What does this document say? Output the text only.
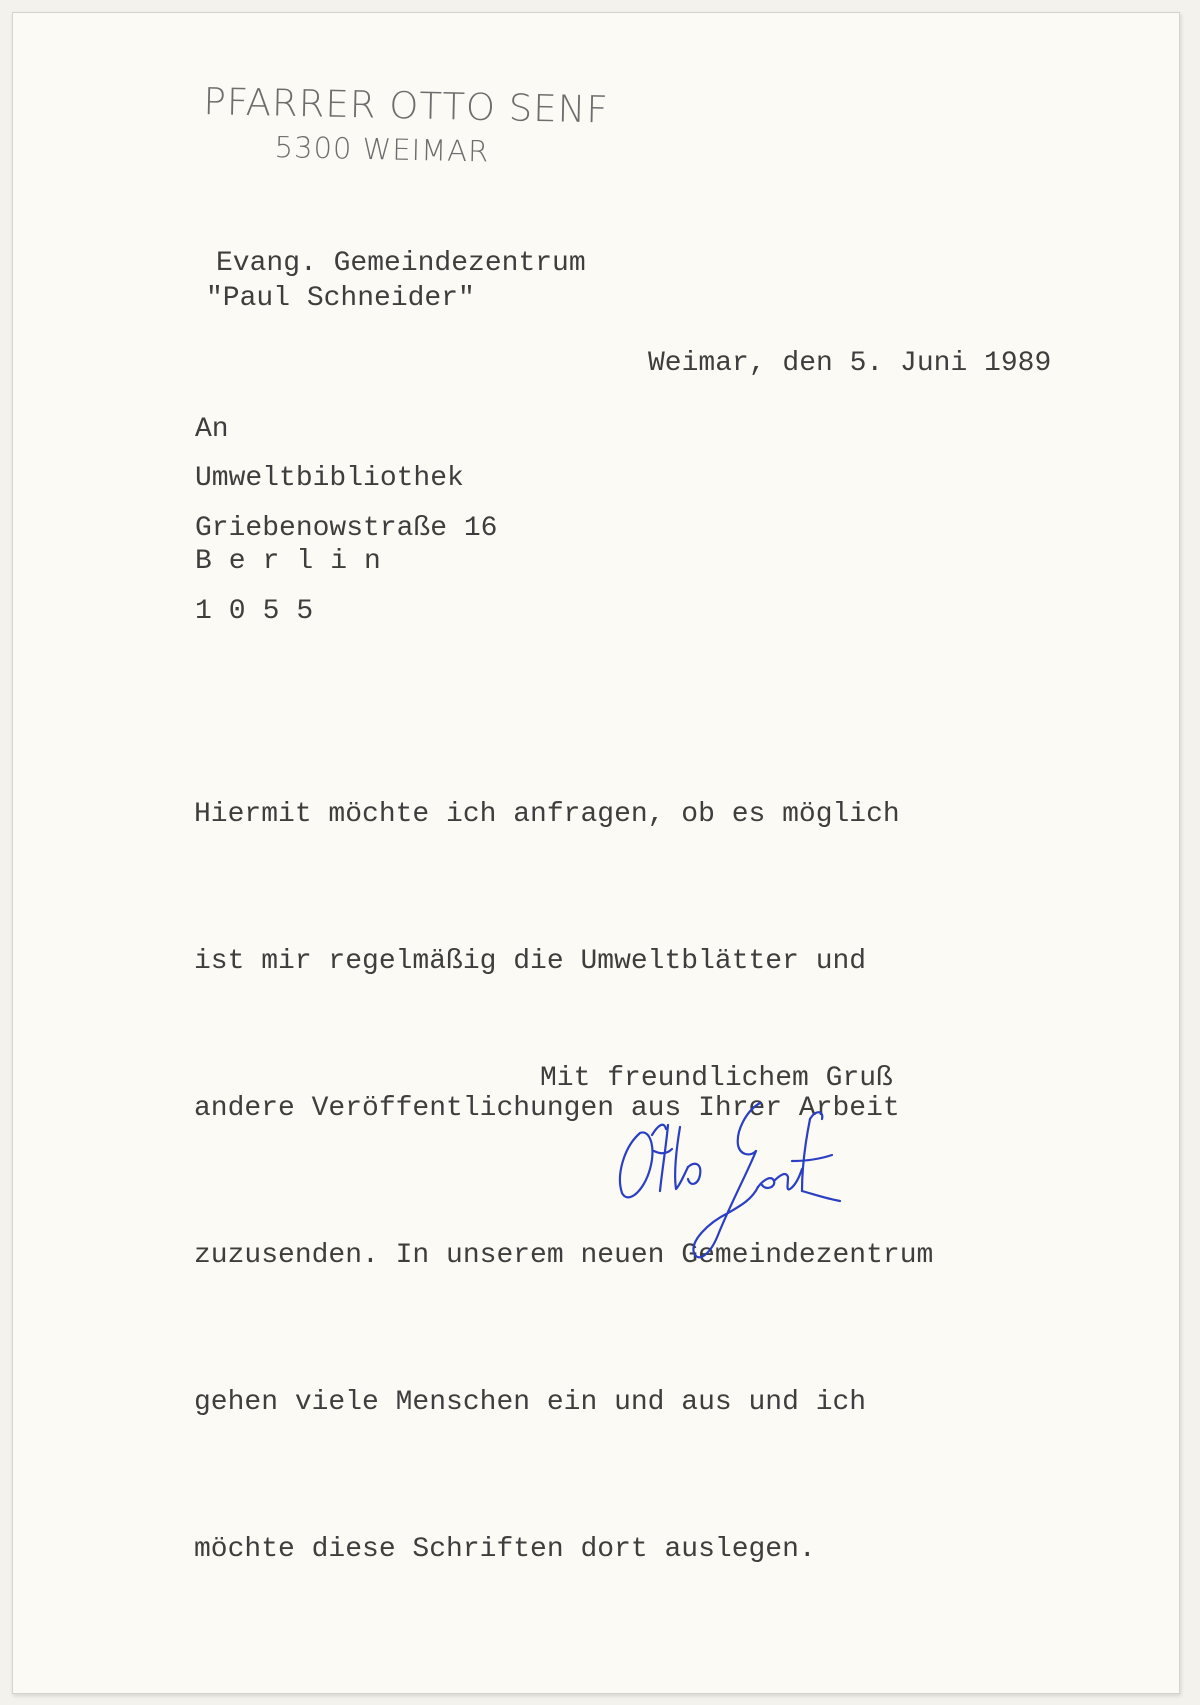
PFARRER OTTO SENF
5300 WEIMAR
Evang. Gemeindezentrum
"Paul Schneider"
Weimar, den 5. Juni 1989
An
Umweltbibliothek
Griebenowstraße 16
Berlin
1055

Hiermit möchte ich anfragen, ob es möglich

ist mir regelmäßig die Umweltblätter und

andere Veröffentlichungen aus Ihrer Arbeit

zuzusenden. In unserem neuen Gemeindezentrum

gehen viele Menschen ein und aus und ich

möchte diese Schriften dort auslegen.

Mit freundlichem Gruß
